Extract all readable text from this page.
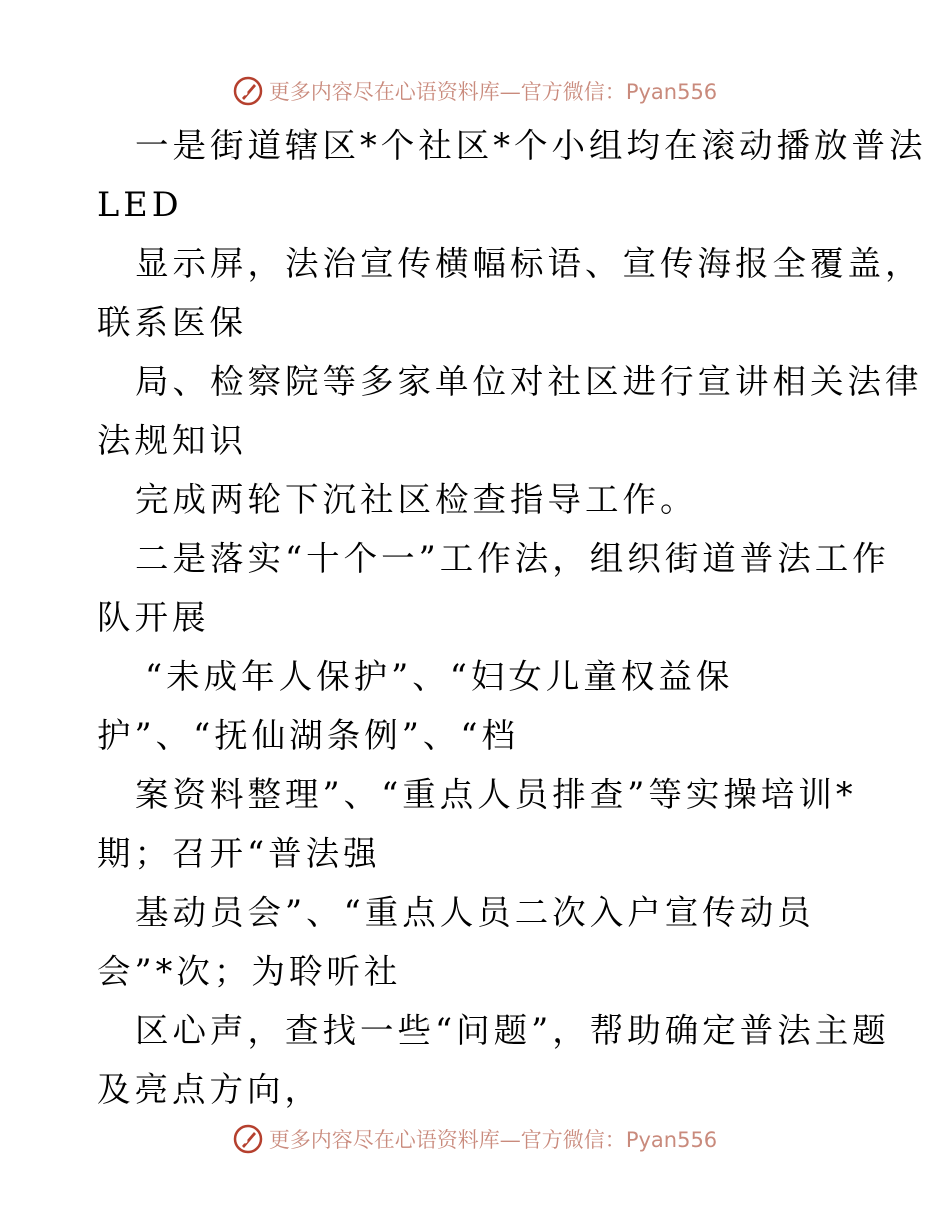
更多内容尽在心语资料库—官方微信：Pyan556
一是街道辖区*个社区*个小组均在滚动播放普法
LED
显示屏，法治宣传横幅标语、宣传海报全覆盖，
联系医保
局、检察院等多家单位对社区进行宣讲相关法律
法规知识
完成两轮下沉社区检查指导工作。
二是落实“十个一”工作法，组织街道普法工作
队开展
“未成年人保护”、“妇女儿童权益保
护”、“抚仙湖条例”、“档
案资料整理”、“重点人员排查”等实操培训*
期；召开“普法强
基动员会”、“重点人员二次入户宣传动员
会”*次；为聆听社
区心声，查找一些“问题”，帮助确定普法主题
及亮点方向，
更多内容尽在心语资料库—官方微信：Pyan556
